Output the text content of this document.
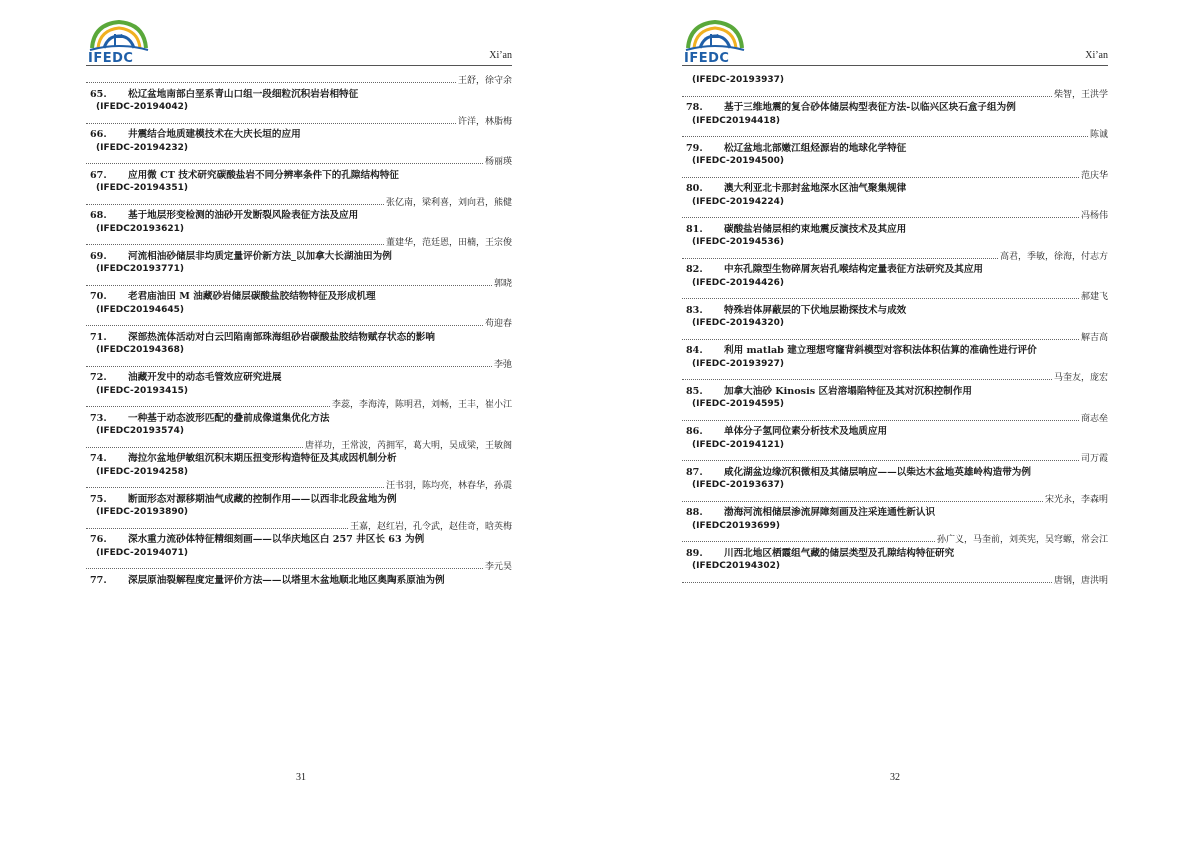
IFEDC	Xi’an
王舒，徐守余
65. 松辽盆地南部白垩系青山口组一段细粒沉积岩岩相特征
(IFEDC-20194042)
许洋，林脂梅
66. 井震结合地质建模技术在大庆长垣的应用
(IFEDC-20194232)
杨丽瑛
67. 应用微 CT 技术研究碳酸盐岩不同分辨率条件下的孔隙结构特征
(IFEDC-20194351)
张亿南，梁利喜，刘向君，熊健
68. 基于地层形变检测的油砂开发断裂风险表征方法及应用
(IFEDC20193621)
董建华，范廷恩，田楠，王宗俊
69. 河流相油砂储层非均质定量评价新方法_以加拿大长湖油田为例
(IFEDC20193771)
郭晓
70. 老君庙油田 M 油藏砂岩储层碳酸盐胶结物特征及形成机理
(IFEDC20194645)
苟迎春
71. 深部热流体活动对白云凹陷南部珠海组砂岩碳酸盐胶结物赋存状态的影响
(IFEDC20194368)
李弛
72. 油藏开发中的动态毛管效应研究进展
(IFEDC-20193415)
李蕊，李海涛，陈明君，刘畅，王丰，崔小江
73. 一种基于动态波形匹配的叠前成像道集优化方法
(IFEDC20193574)
唐祥功，王常波，芮拥军，葛大明，吴成梁，王敏阁
74. 海拉尔盆地伊敏组沉积末期压扭变形构造特征及其成因机制分析
(IFEDC-20194258)
汪书羽，陈均亮，林春华，孙震
75. 断面形态对源移期油气成藏的控制作用——以西非北段盆地为例
(IFEDC-20193890)
王嘉，赵红岩，孔令武，赵佳奇，晗英梅
76. 深水重力流砂体特征精细刻画——以华庆地区白 257 井区长 63 为例
(IFEDC-20194071)
李元昊
77. 深层原油裂解程度定量评价方法——以塔里木盆地顺北地区奥陶系原油为例
31
IFEDC	Xi’an
(IFEDC-20193937)
柴智，王洪学
78. 基于三维地震的复合砂体储层构型表征方法-以临兴区块石盒子组为例
(IFEDC20194418)
陈诚
79. 松辽盆地北部嫩江组烃源岩的地球化学特征
(IFEDC-20194500)
范庆华
80. 澳大利亚北卡那封盆地深水区油气聚集规律
(IFEDC-20194224)
冯杨伟
81. 碳酸盐岩储层相约束地震反演技术及其应用
(IFEDC-20194536)
高君，季敏，徐海，付志方
82. 中东孔隙型生物碎屑灰岩孔喉结构定量表征方法研究及其应用
(IFEDC-20194426)
郝建飞
83. 特殊岩体屏蔽层的下伏地层勘探技术与成效
(IFEDC-20194320)
解吉高
84. 利用 matlab 建立理想穹窿背斜模型对容积法体积估算的准确性进行评价
(IFEDC-20193927)
马奎友，庞宏
85. 加拿大油砂 Kinosis 区岩溶塌陷特征及其对沉积控制作用
(IFEDC-20194595)
商志垒
86. 单体分子氢同位素分析技术及地质应用
(IFEDC-20194121)
司万霞
87. 咸化湖盆边缘沉积微相及其储层响应——以柴达木盆地英雄岭构造带为例
(IFEDC-20193637)
宋光永，李森明
88. 渤海河流相储层渗流屏障刻画及注采连通性新认识
(IFEDC20193699)
孙广义，马奎前，刘英宪，吴穹螈，常会江
89. 川西北地区栖霞组气藏的储层类型及孔隙结构特征研究
(IFEDC20194302)
唐钢，唐洪明
32
